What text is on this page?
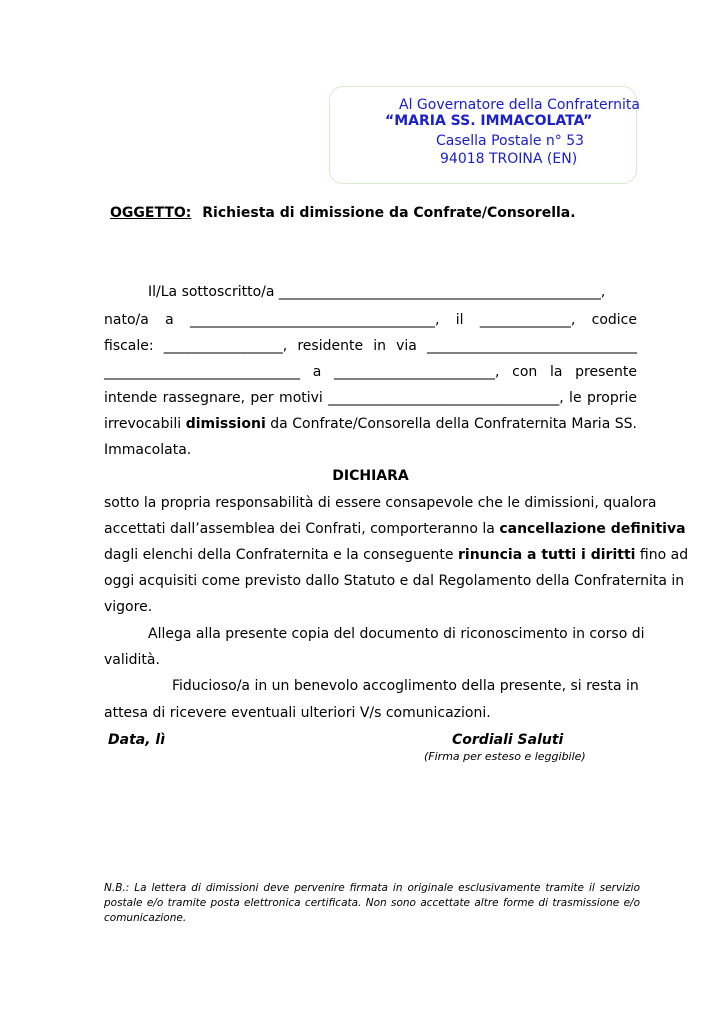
Al Governatore della Confraternita
“MARIA SS. IMMACOLATA”
Casella Postale n° 53
94018 TROINA (EN)
OGGETTO: Richiesta di dimissione da Confrate/Consorella.
Il/La sottoscritto/a ______________________________________________,
nato/a a ___________________________________, il _____________, codice
fiscale: _________________, residente in via ______________________________
____________________________ a _______________________, con la presente
intende rassegnare, per motivi _________________________________, le proprie
irrevocabili dimissioni da Confrate/Consorella della Confraternita Maria SS.
Immacolata.
DICHIARA
sotto la propria responsabilità di essere consapevole che le dimissioni, qualora
accettati dall’assemblea dei Confrati, comporteranno la cancellazione definitiva
dagli elenchi della Confraternita e la conseguente rinuncia a tutti i diritti fino ad
oggi acquisiti come previsto dallo Statuto e dal Regolamento della Confraternita in
vigore.
Allega alla presente copia del documento di riconoscimento in corso di
validità.
Fiducioso/a in un benevolo accoglimento della presente, si resta in
attesa di ricevere eventuali ulteriori V/s comunicazioni.
Data, lì	Cordiali Saluti
(Firma per esteso e leggibile)
N.B.: La lettera di dimissioni deve pervenire firmata in originale esclusivamente tramite il servizio
postale e/o tramite posta elettronica certificata. Non sono accettate altre forme di trasmissione e/o
comunicazione.
